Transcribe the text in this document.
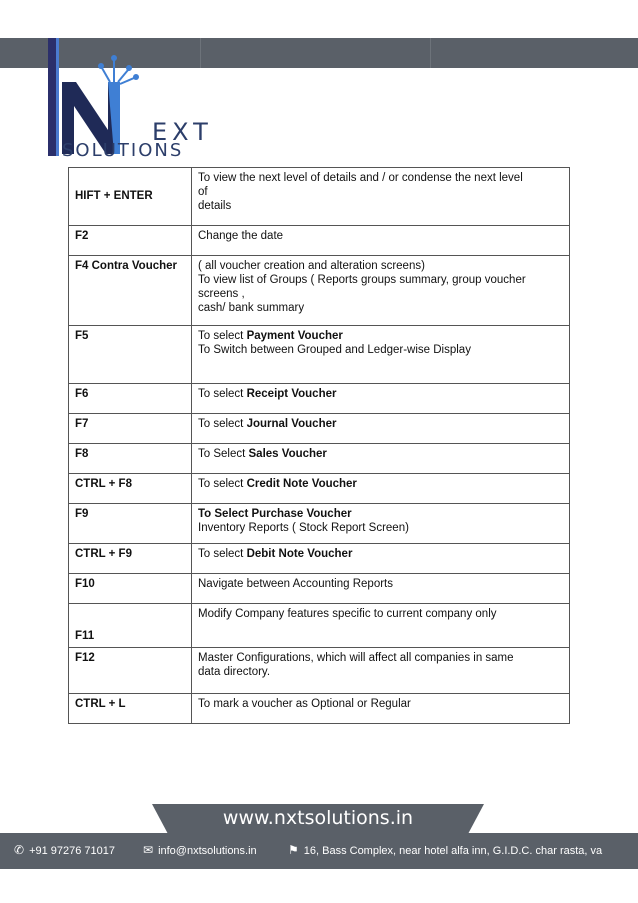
EXT
SOLUTIONS
HIFT + ENTER	To view the next level of details and / or condense the next level
of
details

F2	Change the date

F4 Contra Voucher	( all voucher creation and alteration screens)
To view list of Groups ( Reports groups summary, group voucher
screens ,
cash/ bank summary

F5	To select Payment Voucher
To Switch between Grouped and Ledger-wise Display

F6	To select Receipt Voucher

F7	To select Journal Voucher

F8	To Select Sales Voucher

CTRL + F8	To select Credit Note Voucher

F9	To Select Purchase Voucher
Inventory Reports ( Stock Report Screen)

CTRL + F9	To select Debit Note Voucher

F10	Navigate between Accounting Reports

F11	Modify Company features specific to current company only

F12	Master Configurations, which will affect all companies in same
data directory.

CTRL + L	To mark a voucher as Optional or Regular
www.nxtsolutions.in
✆ +91 97276 71017 ✉ info@nxtsolutions.in	⚑ 16, Bass Complex, near hotel alfa inn, G.I.D.C. char rasta, va
